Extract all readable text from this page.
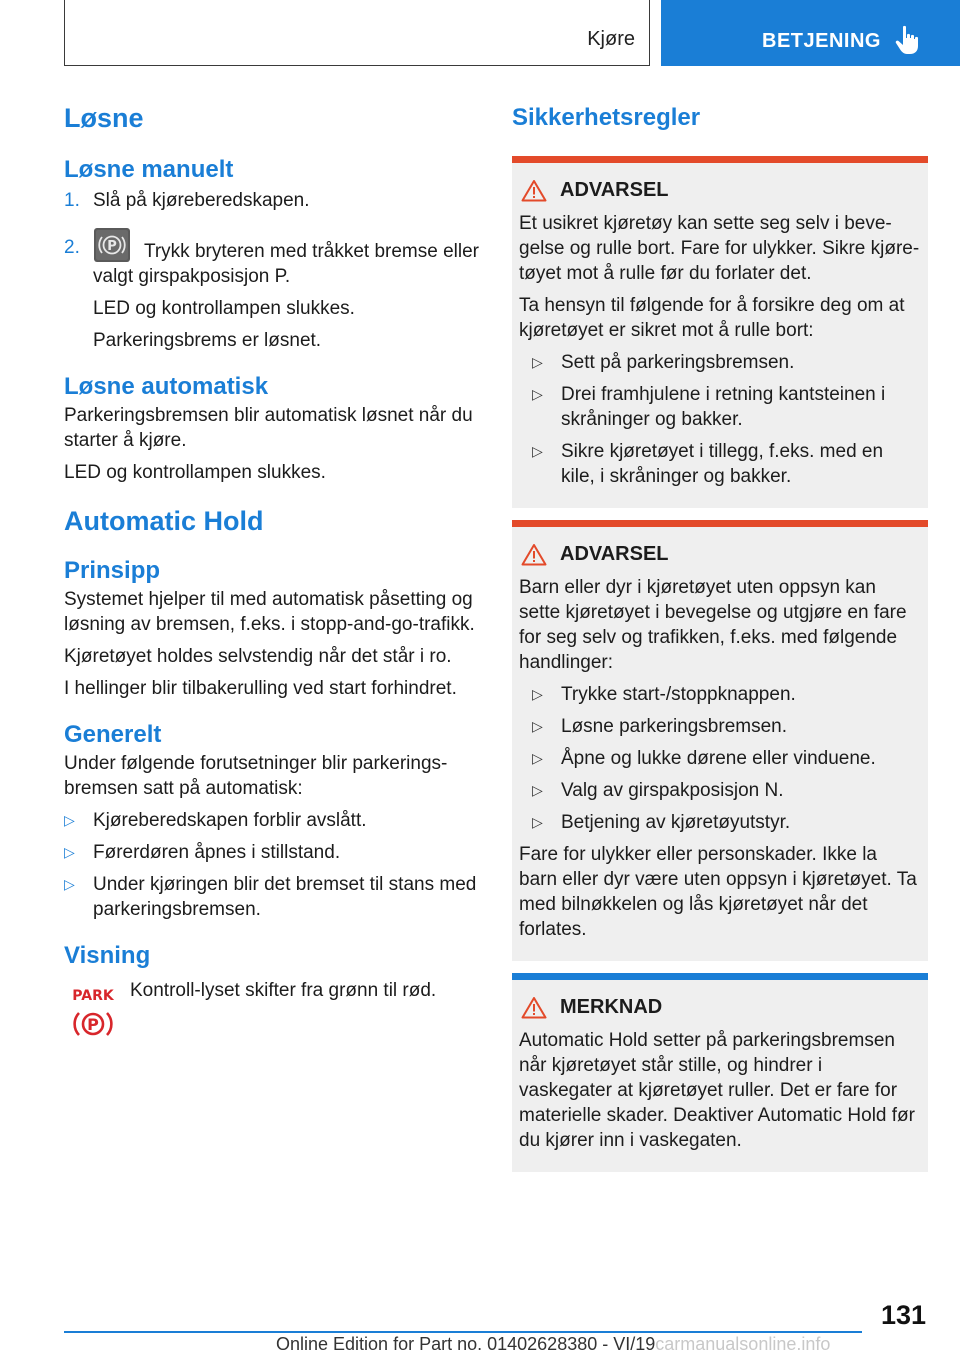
Kjøre	BETJENING
Løsne
Løsne manuelt
1. Slå på kjøreberedskapen.
2. P Trykk bryteren med tråkket bremse eller valgt girspakposisjon P.

LED og kontrollampen slukkes.

Parkeringsbrems er løsnet.

Løsne automatisk

Parkeringsbremsen blir automatisk løsnet når du starter å kjøre.

LED og kontrollampen slukkes.

Automatic Hold
Prinsipp

Systemet hjelper til med automatisk påsetting og løsning av bremsen, f.eks. i stopp-and-go-trafikk.

Kjøretøyet holdes selvstendig når det står i ro.

I hellinger blir tilbakerulling ved start forhindret.

Generelt

Under følgende forutsetninger blir parkeringsbremsen satt på automatisk:

▷ Kjøreberedskapen forblir avslått.
▷ Førerdøren åpnes i stillstand.
▷ Under kjøringen blir det bremset til stans med parkeringsbremsen.
Visning
PARK
P

Kontroll-lyset skifter fra grønn til rød.

Sikkerhetsregler
ADVARSEL

Et usikret kjøretøy kan sette seg selv i bevegelse og rulle bort. Fare for ulykker. Sikre kjøretøyet mot å rulle før du forlater det.

Ta hensyn til følgende for å forsikre deg om at kjøretøyet er sikret mot å rulle bort:

▷ Sett på parkeringsbremsen.
▷ Drei framhjulene i retning kantsteinen i skråninger og bakker.
▷ Sikre kjøretøyet i tillegg, f.eks. med en kile, i skråninger og bakker.
ADVARSEL

Barn eller dyr i kjøretøyet uten oppsyn kan sette kjøretøyet i bevegelse og utgjøre en fare for seg selv og trafikken, f.eks. med følgende handlinger:

▷ Trykke start-/stoppknappen.
▷ Løsne parkeringsbremsen.
▷ Åpne og lukke dørene eller vinduene.
▷ Valg av girspakposisjon N.
▷ Betjening av kjøretøyutstyr.

Fare for ulykker eller personskader. Ikke la barn eller dyr være uten oppsyn i kjøretøyet. Ta med bilnøkkelen og lås kjøretøyet når det forlates.

MERKNAD

Automatic Hold setter på parkeringsbremsen når kjøretøyet står stille, og hindrer i vaskegater at kjøretøyet ruller. Det er fare for materielle skader. Deaktiver Automatic Hold før du kjører inn i vaskegaten.

131
Online Edition for Part no. 01402628380 - VI/19carmanualsonline.info
